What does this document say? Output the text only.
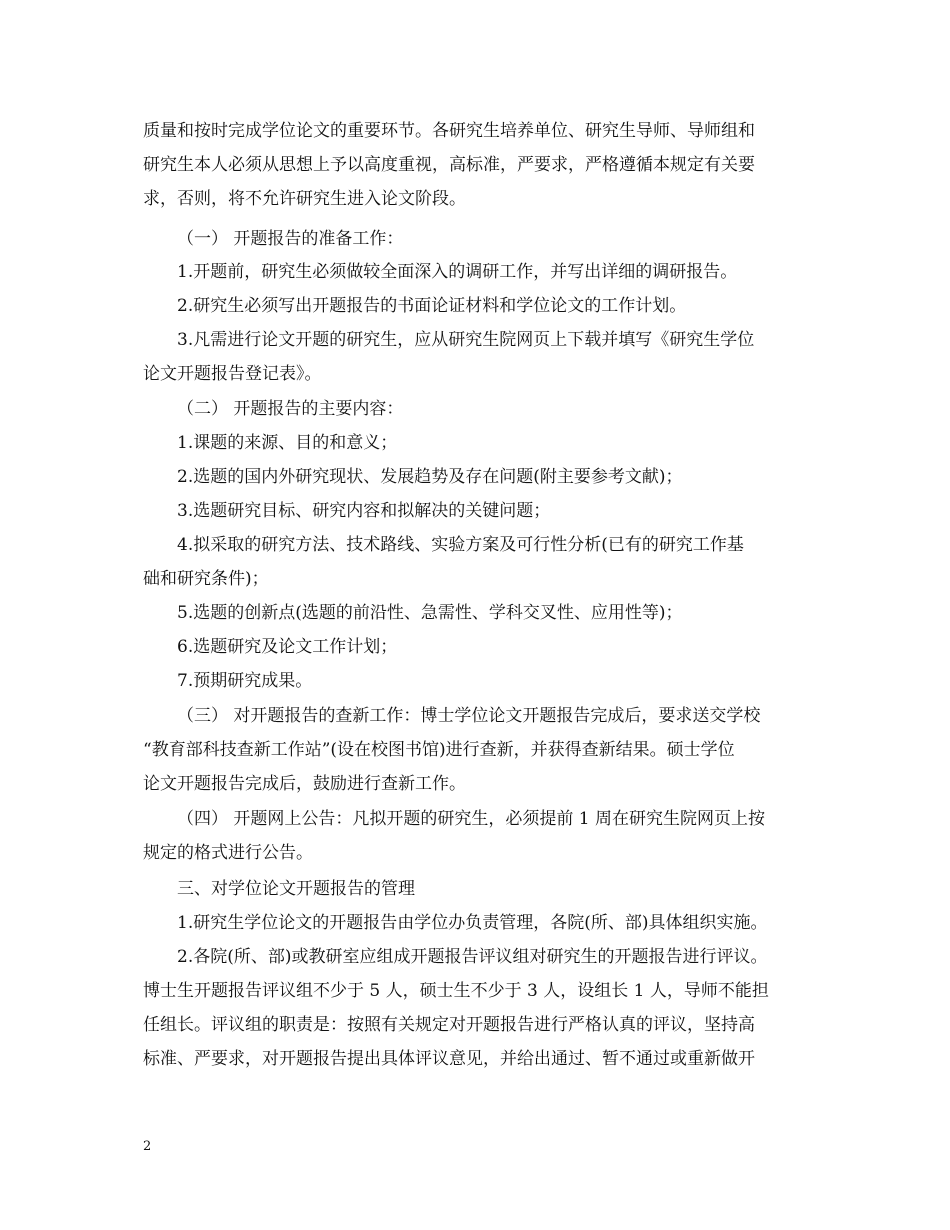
质量和按时完成学位论文的重要环节。各研究生培养单位、研究生导师、导师组和
研究生本人必须从思想上予以高度重视，高标准，严要求，严格遵循本规定有关要
求，否则，将不允许研究生进入论文阶段。
（一） 开题报告的准备工作：
1.开题前，研究生必须做较全面深入的调研工作，并写出详细的调研报告。
2.研究生必须写出开题报告的书面论证材料和学位论文的工作计划。
3.凡需进行论文开题的研究生，应从研究生院网页上下载并填写《研究生学位
论文开题报告登记表》。
（二） 开题报告的主要内容：
1.课题的来源、目的和意义；
2.选题的国内外研究现状、发展趋势及存在问题(附主要参考文献)；
3.选题研究目标、研究内容和拟解决的关键问题；
4.拟采取的研究方法、技术路线、实验方案及可行性分析(已有的研究工作基
础和研究条件)；
5.选题的创新点(选题的前沿性、急需性、学科交叉性、应用性等)；
6.选题研究及论文工作计划；
7.预期研究成果。
（三） 对开题报告的查新工作：博士学位论文开题报告完成后，要求送交学校
“教育部科技查新工作站”(设在校图书馆)进行查新，并获得查新结果。硕士学位
论文开题报告完成后，鼓励进行查新工作。
（四） 开题网上公告：凡拟开题的研究生，必须提前 1 周在研究生院网页上按
规定的格式进行公告。
三、对学位论文开题报告的管理
1.研究生学位论文的开题报告由学位办负责管理，各院(所、部)具体组织实施。
2.各院(所、部)或教研室应组成开题报告评议组对研究生的开题报告进行评议。
博士生开题报告评议组不少于 5 人，硕士生不少于 3 人，设组长 1 人，导师不能担
任组长。评议组的职责是：按照有关规定对开题报告进行严格认真的评议，坚持高
标准、严要求，对开题报告提出具体评议意见，并给出通过、暂不通过或重新做开
2
